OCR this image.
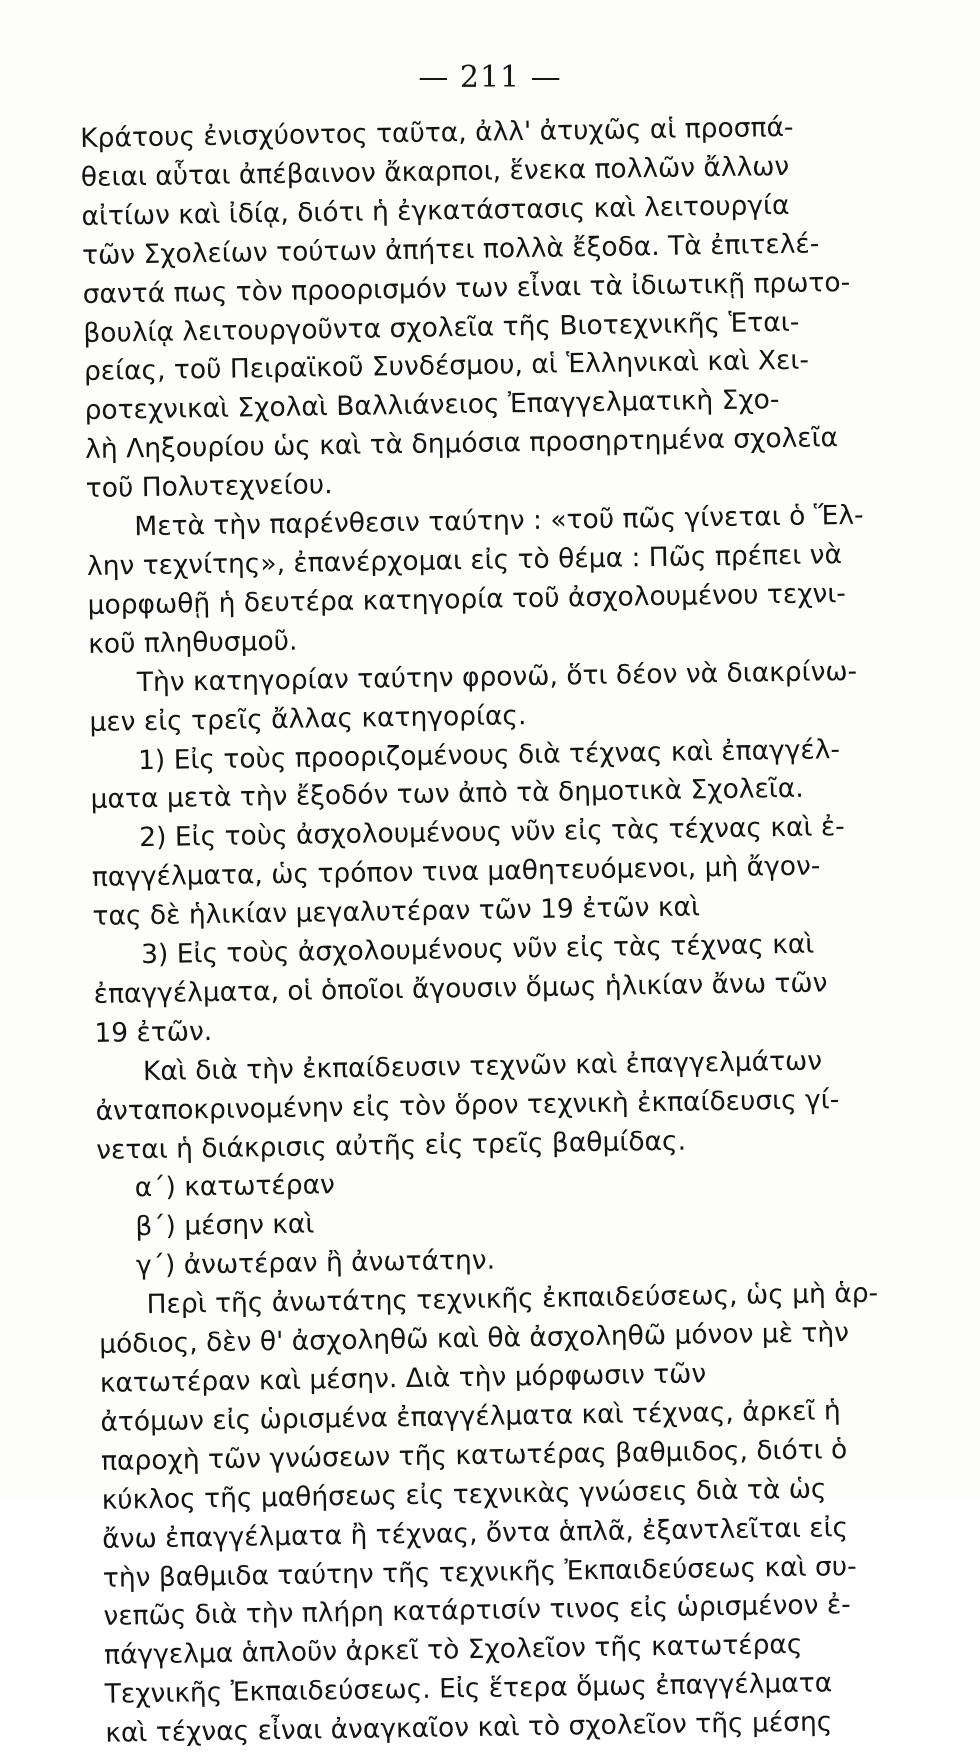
— 211 —
Κράτους ἐνισχύοντος ταῦτα, ἀλλ' ἀτυχῶς αἱ προσπά-
θειαι αὗται ἀπέβαινον ἄκαρποι, ἕνεκα πολλῶν ἄλλων
αἰτίων καὶ ἰδίᾳ, διότι ἡ ἐγκατάστασις καὶ λειτουργία
τῶν Σχολείων τούτων ἀπήτει πολλὰ ἔξοδα. Τὰ ἐπιτελέ-
σαντά πως τὸν προορισμόν των εἶναι τὰ ἰδιωτικῇ πρωτο-
βουλίᾳ λειτουργοῦντα σχολεῖα τῆς Βιοτεχνικῆς Ἑται-
ρείας, τοῦ Πειραϊκοῦ Συνδέσμου, αἱ Ἑλληνικαὶ καὶ Χει-
ροτεχνικαὶ Σχολαὶ Βαλλιάνειος Ἐπαγγελματικὴ Σχο-
λὴ Ληξουρίου ὡς καὶ τὰ δημόσια προσηρτημένα σχολεῖα
τοῦ Πολυτεχνείου.
Μετὰ τὴν παρένθεσιν ταύτην : «τοῦ πῶς γίνεται ὁ Ἕλ-
λην τεχνίτης», ἐπανέρχομαι εἰς τὸ θέμα : Πῶς πρέπει νὰ
μορφωθῇ ἡ δευτέρα κατηγορία τοῦ ἀσχολουμένου τεχνι-
κοῦ πληθυσμοῦ.
Τὴν κατηγορίαν ταύτην φρονῶ, ὅτι δέον νὰ διακρίνω-
μεν εἰς τρεῖς ἄλλας κατηγορίας.
1) Εἰς τοὺς προοριζομένους διὰ τέχνας καὶ ἐπαγγέλ-
ματα μετὰ τὴν ἔξοδόν των ἀπὸ τὰ δημοτικὰ Σχολεῖα.
2) Εἰς τοὺς ἀσχολουμένους νῦν εἰς τὰς τέχνας καὶ ἐ-
παγγέλματα, ὡς τρόπον τινα μαθητευόμενοι, μὴ ἄγον-
τας δὲ ἡλικίαν μεγαλυτέραν τῶν 19 ἐτῶν καὶ
3) Εἰς τοὺς ἀσχολουμένους νῦν εἰς τὰς τέχνας καὶ
ἐπαγγέλματα, οἱ ὁποῖοι ἄγουσιν ὅμως ἡλικίαν ἄνω τῶν
19 ἐτῶν.
Καὶ διὰ τὴν ἐκπαίδευσιν τεχνῶν καὶ ἐπαγγελμάτων
ἀνταποκρινομένην εἰς τὸν ὅρον τεχνικὴ ἐκπαίδευσις γί-
νεται ἡ διάκρισις αὐτῆς εἰς τρεῖς βαθμίδας.
α΄) κατωτέραν
β΄) μέσην καὶ
γ΄) ἀνωτέραν ἢ ἀνωτάτην.
Περὶ τῆς ἀνωτάτης τεχνικῆς ἐκπαιδεύσεως, ὡς μὴ ἁρ-
μόδιος, δὲν θ' ἀσχοληθῶ καὶ θὰ ἀσχοληθῶ μόνον μὲ τὴν
κατωτέραν καὶ μέσην. Διὰ τὴν μόρφωσιν τῶν
ἀτόμων εἰς ὡρισμένα ἐπαγγέλματα καὶ τέχνας, ἀρκεῖ ἡ
παροχὴ τῶν γνώσεων τῆς κατωτέρας βαθμιδος, διότι ὁ
κύκλος τῆς μαθήσεως εἰς τεχνικὰς γνώσεις διὰ τὰ ὡς
ἄνω ἐπαγγέλματα ἢ τέχνας, ὄντα ἁπλᾶ, ἐξαντλεῖται εἰς
τὴν βαθμιδα ταύτην τῆς τεχνικῆς Ἐκπαιδεύσεως καὶ συ-
νεπῶς διὰ τὴν πλήρη κατάρτισίν τινος εἰς ὡρισμένον ἐ-
πάγγελμα ἁπλοῦν ἀρκεῖ τὸ Σχολεῖον τῆς κατωτέρας
Τεχνικῆς Ἐκπαιδεύσεως. Εἰς ἕτερα ὅμως ἐπαγγέλματα
καὶ τέχνας εἶναι ἀναγκαῖον καὶ τὸ σχολεῖον τῆς μέσης
